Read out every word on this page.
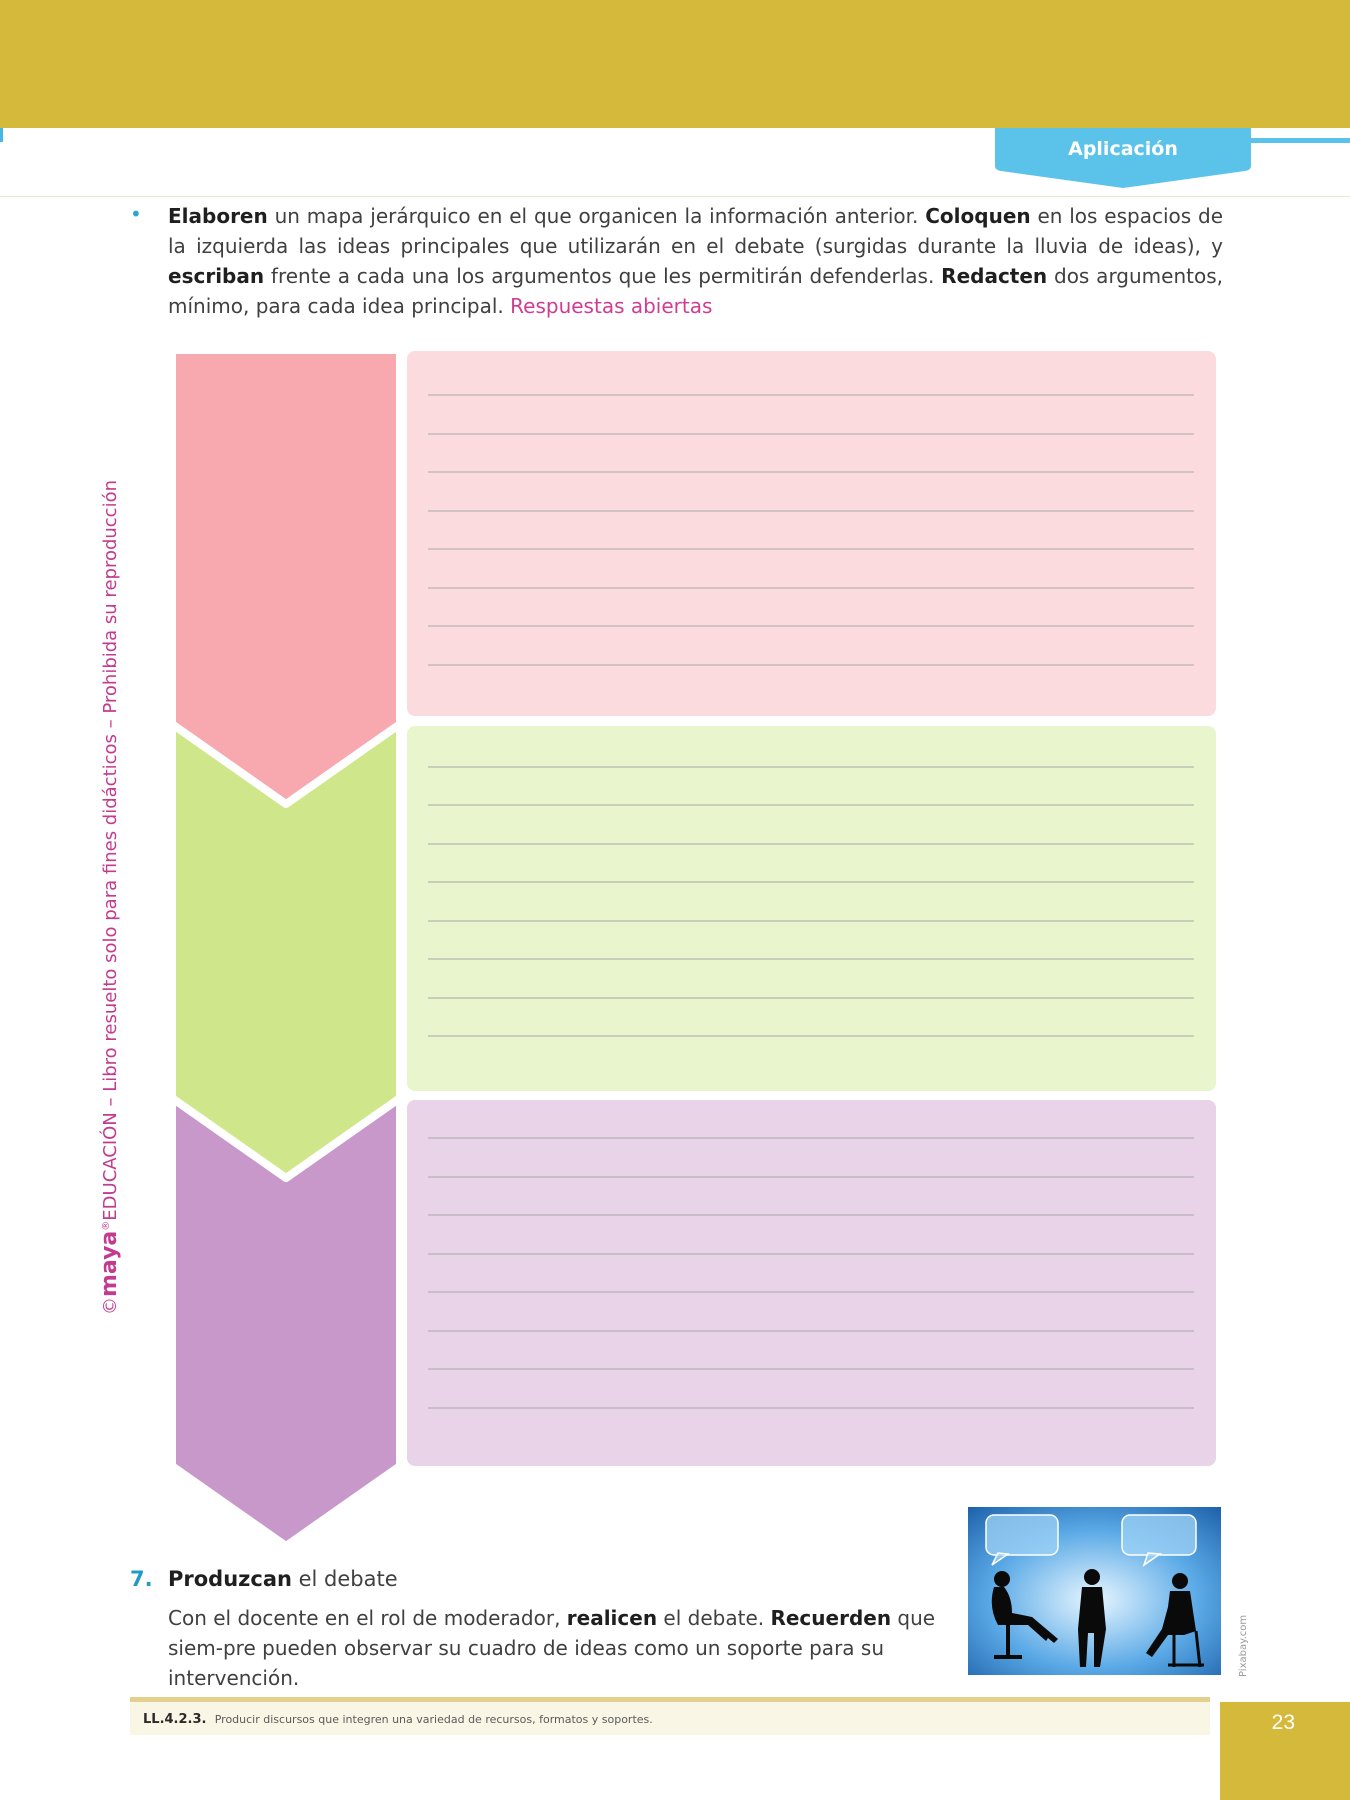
Aplicación
©maya®EDUCACIÓN – Libro resuelto solo para fines didácticos – Prohibida su reproducción
• Elaboren un mapa jerárquico en el que organicen la información anterior. Coloquen en los espacios de la izquierda las ideas principales que utilizarán en el debate (surgidas durante la lluvia de ideas), y escriban frente a cada una los argumentos que les permitirán defenderlas. Redacten dos argumentos, mínimo, para cada idea principal. Respuestas abiertas
Pixabay.com
7. Produzcan el debate
Con el docente en el rol de moderador, realicen el debate. Recuerden que siem-pre pueden observar su cuadro de ideas como un soporte para su intervención.
LL.4.2.3. Producir discursos que integren una variedad de recursos, formatos y soportes.	23
